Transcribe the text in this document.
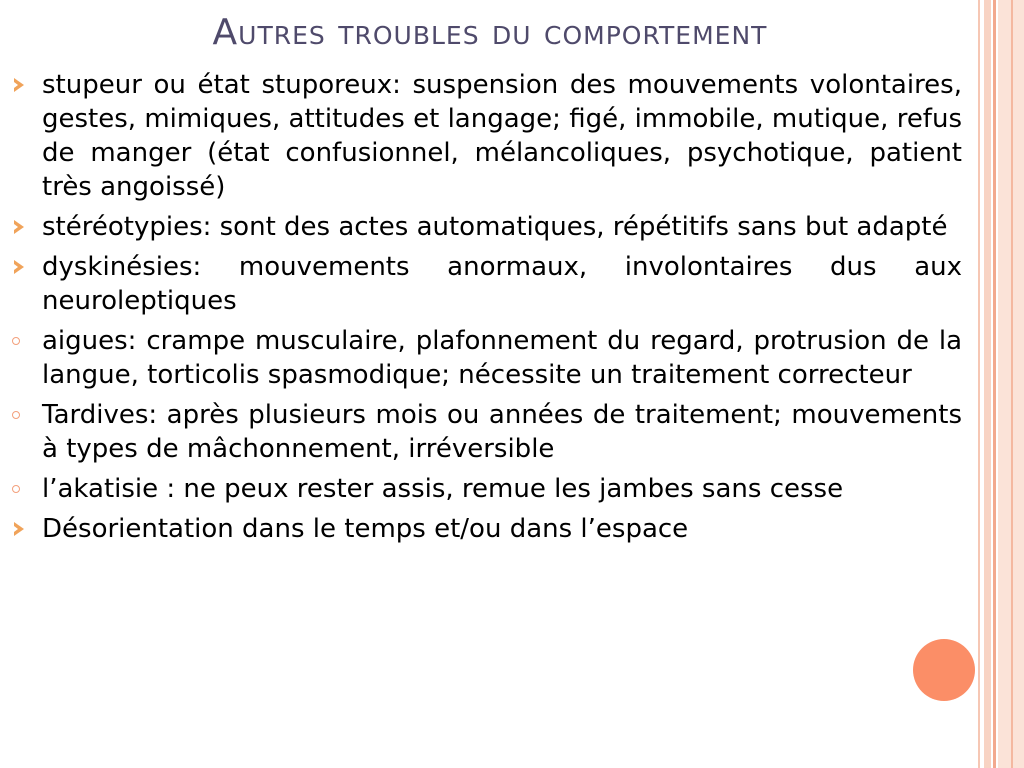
Autres troubles du comportement
stupeur ou état stuporeux: suspension des mouvements volontaires, gestes, mimiques, attitudes et langage; figé, immobile, mutique, refus de manger (état confusionnel, mélancoliques, psychotique, patient très angoissé)
stéréotypies: sont des actes automatiques, répétitifs sans but adapté
dyskinésies: mouvements anormaux, involontaires dus aux neuroleptiques
aigues: crampe musculaire, plafonnement du regard, protrusion de la langue, torticolis spasmodique; nécessite un traitement correcteur
Tardives: après plusieurs mois ou années de traitement; mouvements à types de mâchonnement, irréversible
l’akatisie : ne peux rester assis, remue les jambes sans cesse
Désorientation dans le temps et/ou dans l’espace
